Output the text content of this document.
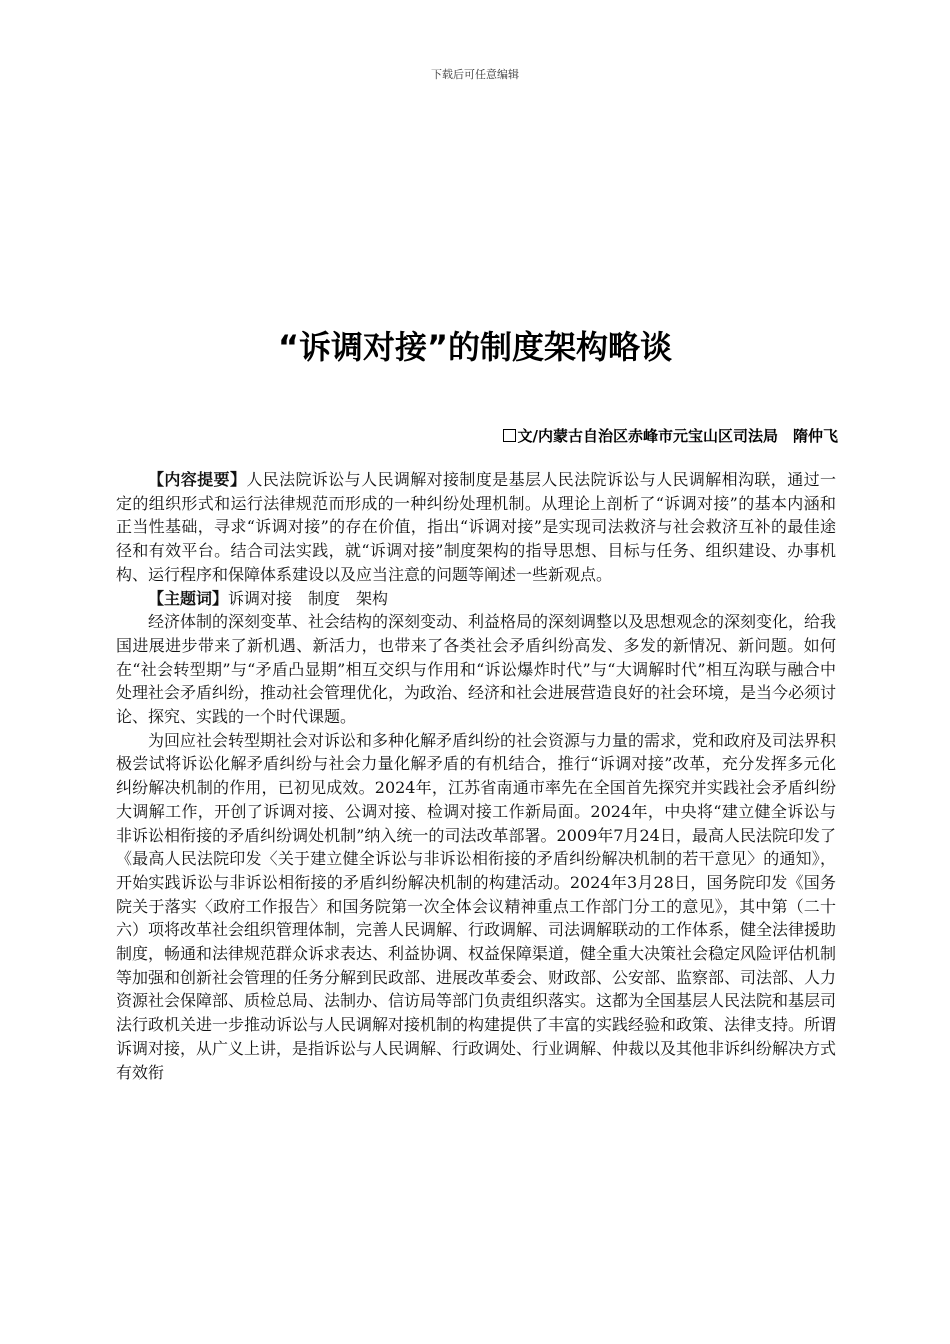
下载后可任意编辑
“诉调对接”的制度架构略谈
文/内蒙古自治区赤峰市元宝山区司法局　隋仲飞

【内容提要】人民法院诉讼与人民调解对接制度是基层人民法院诉讼与人民调解相沟联，通过一定的组织形式和运行法律规范而形成的一种纠纷处理机制。从理论上剖析了“诉调对接”的基本内涵和正当性基础，寻求“诉调对接”的存在价值，指出“诉调对接”是实现司法救济与社会救济互补的最佳途径和有效平台。结合司法实践，就“诉调对接”制度架构的指导思想、目标与任务、组织建设、办事机构、运行程序和保障体系建设以及应当注意的问题等阐述一些新观点。

【主题词】诉调对接　制度　架构

经济体制的深刻变革、社会结构的深刻变动、利益格局的深刻调整以及思想观念的深刻变化，给我国进展进步带来了新机遇、新活力，也带来了各类社会矛盾纠纷高发、多发的新情况、新问题。如何在“社会转型期”与“矛盾凸显期”相互交织与作用和“诉讼爆炸时代”与“大调解时代”相互沟联与融合中处理社会矛盾纠纷，推动社会管理优化，为政治、经济和社会进展营造良好的社会环境，是当今必须讨论、探究、实践的一个时代课题。

为回应社会转型期社会对诉讼和多种化解矛盾纠纷的社会资源与力量的需求，党和政府及司法界积极尝试将诉讼化解矛盾纠纷与社会力量化解矛盾的有机结合，推行“诉调对接”改革，充分发挥多元化纠纷解决机制的作用，已初见成效。2024年，江苏省南通市率先在全国首先探究并实践社会矛盾纠纷大调解工作，开创了诉调对接、公调对接、检调对接工作新局面。2024年，中央将“建立健全诉讼与非诉讼相衔接的矛盾纠纷调处机制”纳入统一的司法改革部署。2009年7月24日，最高人民法院印发了《最高人民法院印发〈关于建立健全诉讼与非诉讼相衔接的矛盾纠纷解决机制的若干意见〉的通知》，开始实践诉讼与非诉讼相衔接的矛盾纠纷解决机制的构建活动。2024年3月28日，国务院印发《国务院关于落实〈政府工作报告〉和国务院第一次全体会议精神重点工作部门分工的意见》，其中第（二十六）项将改革社会组织管理体制，完善人民调解、行政调解、司法调解联动的工作体系，健全法律援助制度，畅通和法律规范群众诉求表达、利益协调、权益保障渠道，健全重大决策社会稳定风险评估机制等加强和创新社会管理的任务分解到民政部、进展改革委会、财政部、公安部、监察部、司法部、人力资源社会保障部、质检总局、法制办、信访局等部门负责组织落实。这都为全国基层人民法院和基层司法行政机关进一步推动诉讼与人民调解对接机制的构建提供了丰富的实践经验和政策、法律支持。所谓诉调对接，从广义上讲，是指诉讼与人民调解、行政调处、行业调解、仲裁以及其他非诉纠纷解决方式有效衔
